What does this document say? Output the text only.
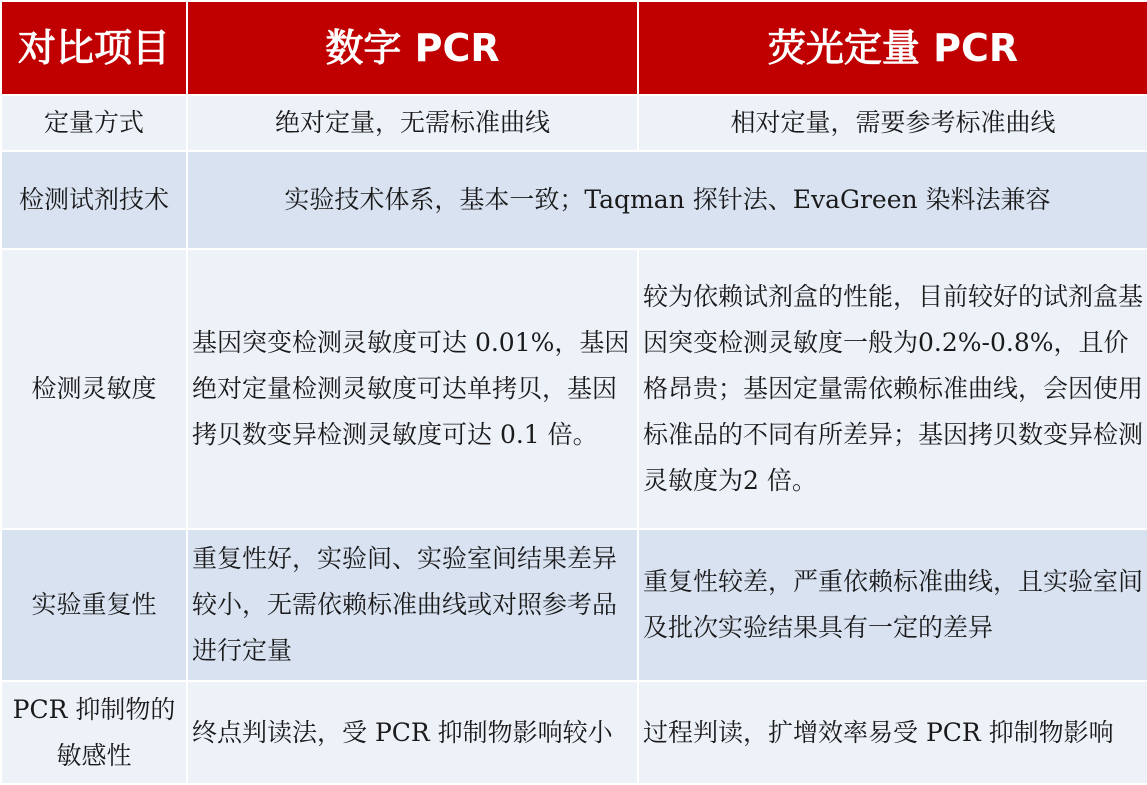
对比项目	数字 PCR	荧光定量 PCR
定量方式	绝对定量，无需标准曲线	相对定量，需要参考标准曲线
检测试剂技术	实验技术体系，基本一致；Taqman 探针法、EvaGreen 染料法兼容	
检测灵敏度	基因突变检测灵敏度可达 0.01%，基因绝对定量检测灵敏度可达单拷贝，基因拷贝数变异检测灵敏度可达 0.1 倍。	较为依赖试剂盒的性能，目前较好的试剂盒基因突变检测灵敏度一般为0.2%-0.8%，且价格昂贵；基因定量需依赖标准曲线，会因使用标准品的不同有所差异；基因拷贝数变异检测灵敏度为2 倍。
实验重复性	重复性好，实验间、实验室间结果差异较小，无需依赖标准曲线或对照参考品进行定量	重复性较差，严重依赖标准曲线，且实验室间及批次实验结果具有一定的差异
PCR 抑制物的敏感性	终点判读法，受 PCR 抑制物影响较小	过程判读，扩增效率易受 PCR 抑制物影响
